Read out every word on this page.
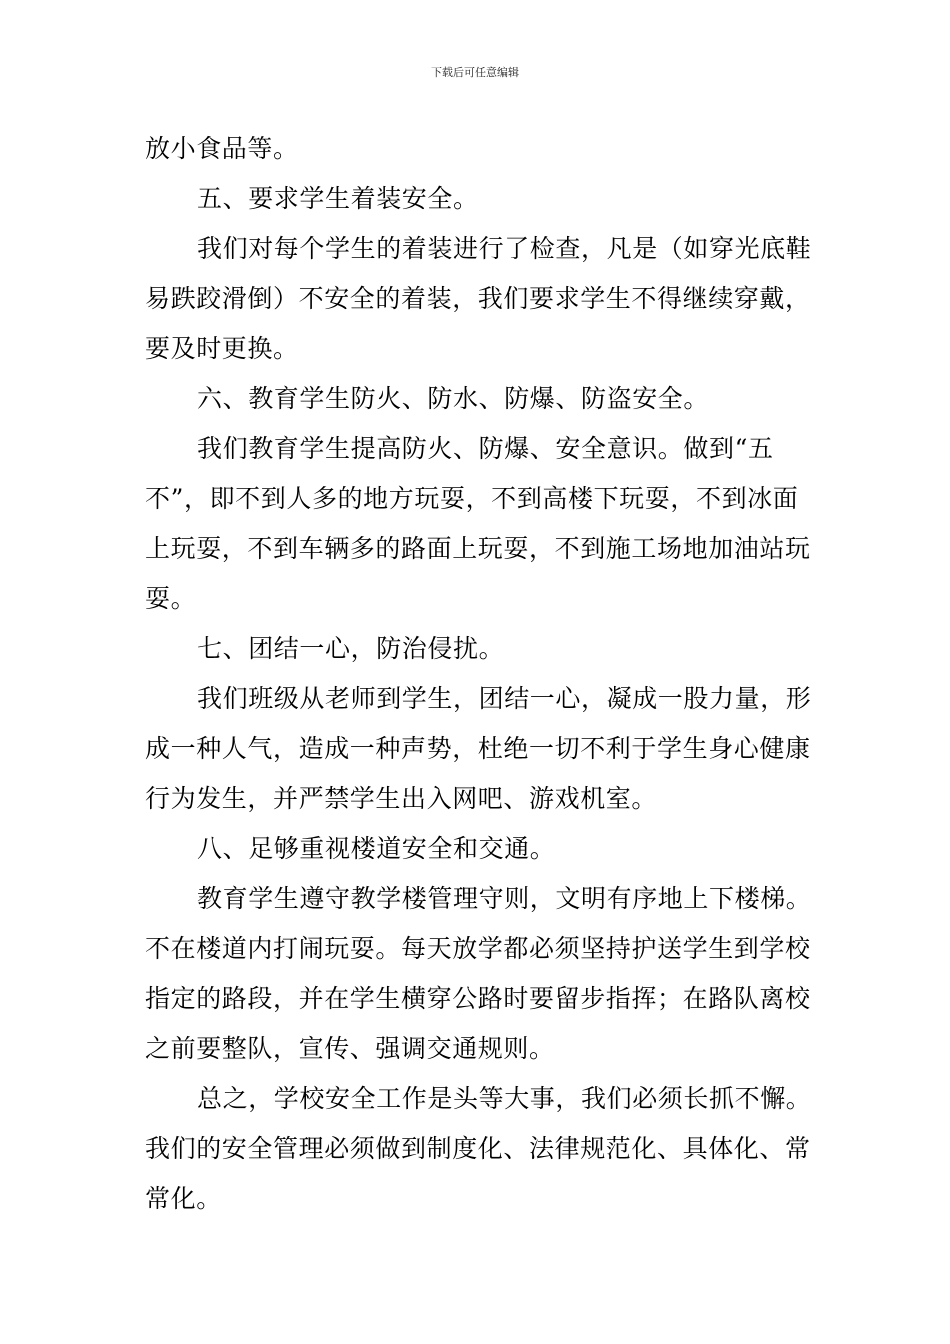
下载后可任意编辑

放小食品等。

五、要求学生着装安全。

我们对每个学生的着装进行了检查，凡是（如穿光底鞋易跌跤滑倒）不安全的着装，我们要求学生不得继续穿戴，要及时更换。

六、教育学生防火、防水、防爆、防盗安全。

我们教育学生提高防火、防爆、安全意识。做到“五不”，即不到人多的地方玩耍，不到高楼下玩耍，不到冰面上玩耍，不到车辆多的路面上玩耍，不到施工场地加油站玩耍。

七、团结一心，防治侵扰。

我们班级从老师到学生，团结一心，凝成一股力量，形成一种人气，造成一种声势，杜绝一切不利于学生身心健康行为发生，并严禁学生出入网吧、游戏机室。

八、足够重视楼道安全和交通。

教育学生遵守教学楼管理守则，文明有序地上下楼梯。不在楼道内打闹玩耍。每天放学都必须坚持护送学生到学校指定的路段，并在学生横穿公路时要留步指挥；在路队离校之前要整队，宣传、强调交通规则。

总之，学校安全工作是头等大事，我们必须长抓不懈。我们的安全管理必须做到制度化、法律规范化、具体化、常常化。
